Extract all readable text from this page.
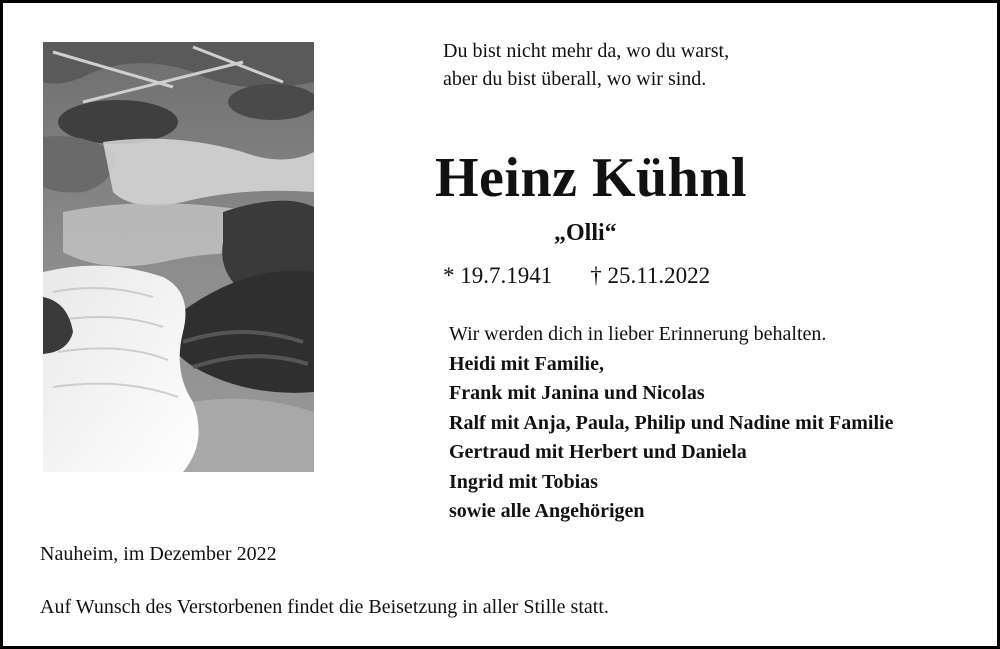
Du bist nicht mehr da, wo du warst,
aber du bist überall, wo wir sind.
Heinz Kühnl
„Olli“
* 19.7.1941 † 25.11.2022
Wir werden dich in lieber Erinnerung behalten.
Heidi mit Familie,
Frank mit Janina und Nicolas
Ralf mit Anja, Paula, Philip und Nadine mit Familie
Gertraud mit Herbert und Daniela
Ingrid mit Tobias
sowie alle Angehörigen
Nauheim, im Dezember 2022
Auf Wunsch des Verstorbenen findet die Beisetzung in aller Stille statt.
